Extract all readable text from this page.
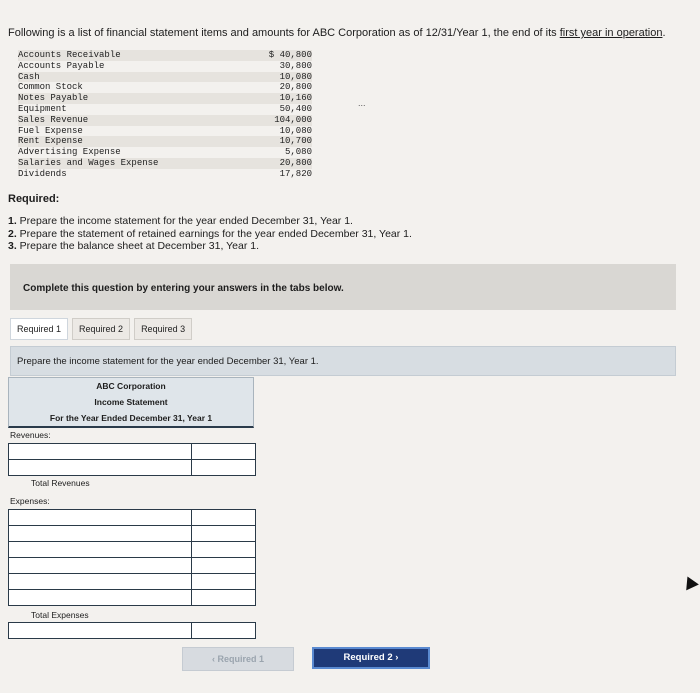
Following is a list of financial statement items and amounts for ABC Corporation as of 12/31/Year 1, the end of its first year in operation.
Accounts Receivable	$ 40,800
Accounts Payable	30,800
Cash	10,080
Common Stock	20,800
Notes Payable	10,160
Equipment	50,400
Sales Revenue	104,000
Fuel Expense	10,080
Rent Expense	10,700
Advertising Expense	5,080
Salaries and Wages Expense	20,800
Dividends	17,820
...
Required:
1. Prepare the income statement for the year ended December 31, Year 1.
2. Prepare the statement of retained earnings for the year ended December 31, Year 1.
3. Prepare the balance sheet at December 31, Year 1.
Complete this question by entering your answers in the tabs below.
Required 1	Required 2	Required 3
Prepare the income statement for the year ended December 31, Year 1.
ABC Corporation
Income Statement
For the Year Ended December 31, Year 1
Revenues:
Total Revenues
Expenses:
Total Expenses
‹ Required 1	Required 2 ›
